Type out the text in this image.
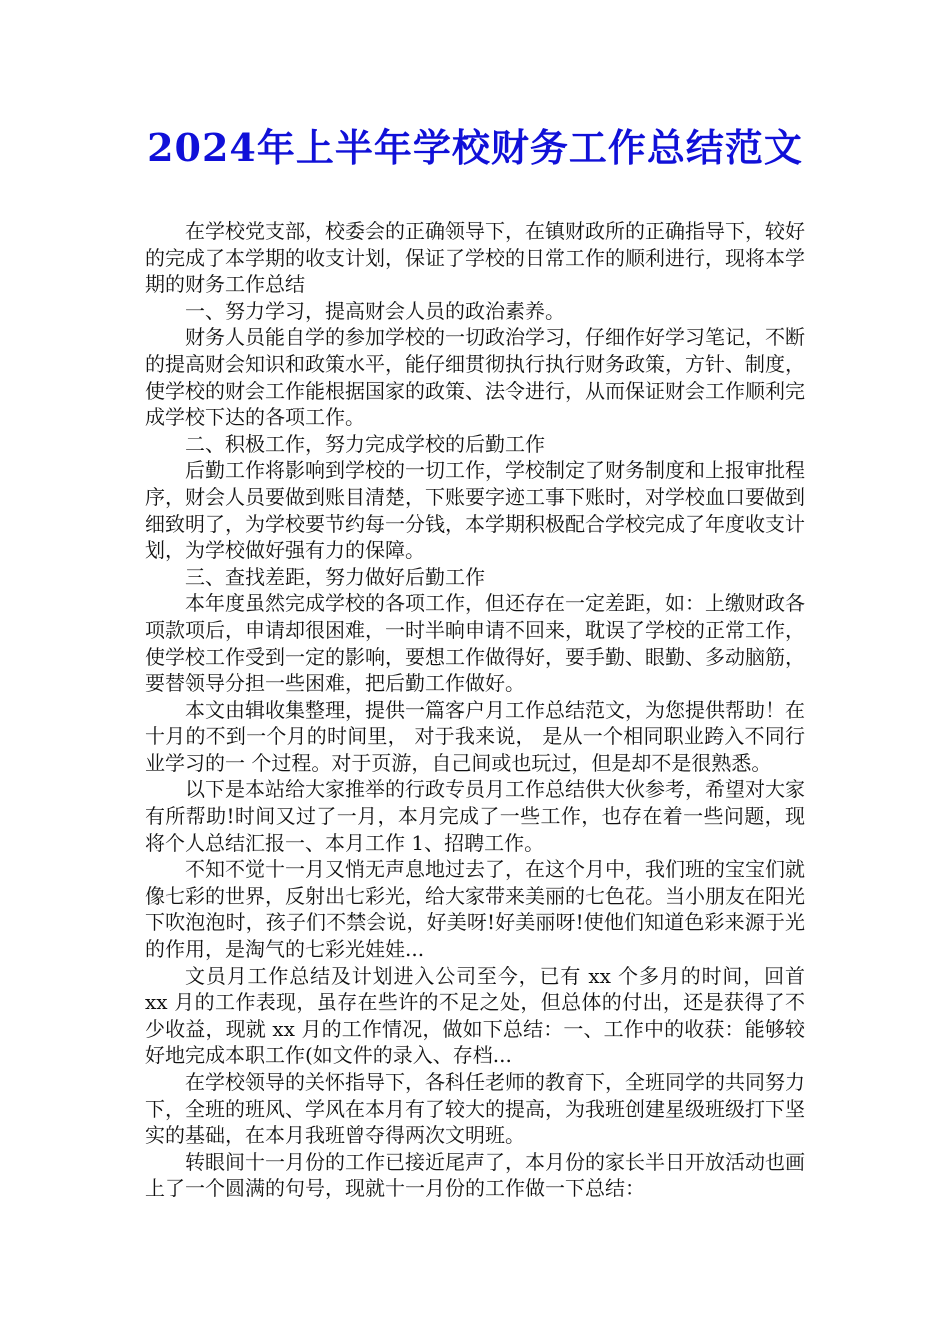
2024年上半年学校财务工作总结范文

在学校党支部，校委会的正确领导下，在镇财政所的正确指导下，较好的完成了本学期的收支计划，保证了学校的日常工作的顺利进行，现将本学期的财务工作总结

一、努力学习，提高财会人员的政治素养。

财务人员能自学的参加学校的一切政治学习，仔细作好学习笔记，不断的提高财会知识和政策水平，能仔细贯彻执行执行财务政策，方针、制度，使学校的财会工作能根据国家的政策、法令进行，从而保证财会工作顺利完成学校下达的各项工作。

二、积极工作，努力完成学校的后勤工作

后勤工作将影响到学校的一切工作，学校制定了财务制度和上报审批程序，财会人员要做到账目清楚，下账要字迹工事下账时，对学校血口要做到细致明了，为学校要节约每一分钱，本学期积极配合学校完成了年度收支计划，为学校做好强有力的保障。

三、查找差距，努力做好后勤工作

本年度虽然完成学校的各项工作，但还存在一定差距，如：上缴财政各项款项后，申请却很困难，一时半晌申请不回来，耽误了学校的正常工作，使学校工作受到一定的影响，要想工作做得好，要手勤、眼勤、多动脑筋，要替领导分担一些困难，把后勤工作做好。

本文由辑收集整理，提供一篇客户月工作总结范文，为您提供帮助！在十月的不到一个月的时间里， 对于我来说， 是从一个相同职业跨入不同行业学习的一 个过程。对于页游，自己间或也玩过，但是却不是很熟悉。

以下是本站给大家推举的行政专员月工作总结供大伙参考，希望对大家有所帮助!时间又过了一月，本月完成了一些工作，也存在着一些问题，现将个人总结汇报一、本月工作 1、招聘工作。

不知不觉十一月又悄无声息地过去了，在这个月中，我们班的宝宝们就像七彩的世界，反射出七彩光，给大家带来美丽的七色花。当小朋友在阳光下吹泡泡时，孩子们不禁会说，好美呀!好美丽呀!使他们知道色彩来源于光的作用，是淘气的七彩光娃娃...

文员月工作总结及计划进入公司至今，已有 xx 个多月的时间，回首 xx 月的工作表现，虽存在些许的不足之处，但总体的付出，还是获得了不少收益，现就 xx 月的工作情况，做如下总结：一、工作中的收获：能够较好地完成本职工作(如文件的录入、存档...

在学校领导的关怀指导下，各科任老师的教育下，全班同学的共同努力下，全班的班风、学风在本月有了较大的提高，为我班创建星级班级打下坚实的基础，在本月我班曾夺得两次文明班。

转眼间十一月份的工作已接近尾声了，本月份的家长半日开放活动也画上了一个圆满的句号，现就十一月份的工作做一下总结：
